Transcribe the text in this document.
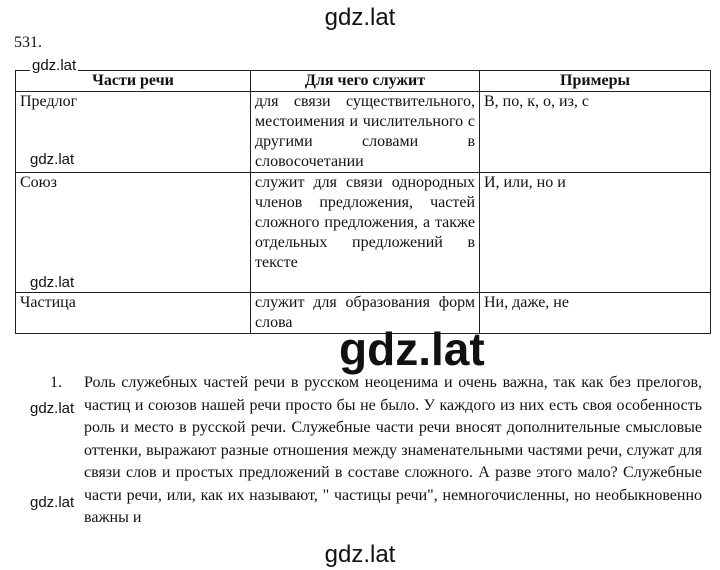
gdz.lat
531.
Части речи	Для чего служит	Примеры

Предлог	для связи существительного, местоимения и числительного с другими словами в словосочетании	В, по, к, о, из, с

Союз	служит для связи однородных членов предложения, частей сложного предложения, а также отдельных предложений в тексте	И, или, но и

Частица	служит для образования форм слова	Ни, даже, не
gdz.lat
gdz.lat
gdz.lat
gdz.lat
1. Роль служебных частей речи в русском неоценима и очень важна, так как без прелогов, частиц и союзов нашей речи просто бы не было. У каждого из них есть своя особенность роль и место в русской речи. Служебные части речи вносят дополнительные смысловые оттенки, выражают разные отношения между знаменательными частями речи, служат для связи слов и простых предложений в составе сложного. А разве этого мало? Служебные части речи, или, как их называют, " частицы речи", немногочисленны, но необыкновенно важны и

gdz.lat
gdz.lat
gdz.lat
